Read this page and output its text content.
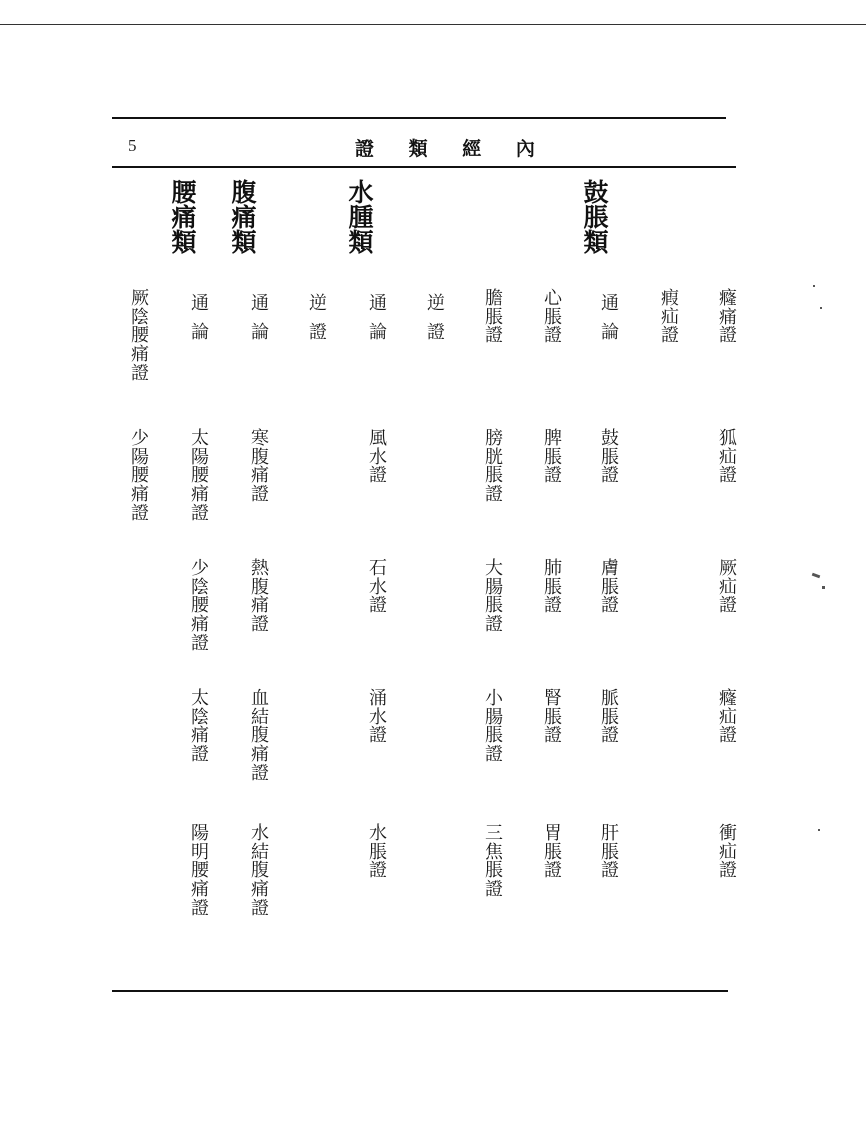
5	證 類 經 內
腰
痛
類
腹
痛
類
水
腫
類
鼓
脹
類
癃
痛
證
狐
疝
證
厥
疝
證
癃
疝
證
衝
疝
證
瘕
疝
證
通
論
鼓
脹
證
膚
脹
證
脈
脹
證
肝
脹
證
心
脹
證
脾
脹
證
肺
脹
證
腎
脹
證
胃
脹
證
膽
脹
證
膀
胱
脹
證
大
腸
脹
證
小
腸
脹
證
三
焦
脹
證
逆
證
通
論
風
水
證
石
水
證
涌
水
證
水
脹
證
逆
證
通
論
寒
腹
痛
證
熱
腹
痛
證
血
結
腹
痛
證
水
結
腹
痛
證
通
論
太
陽
腰
痛
證
少
陰
腰
痛
證
太
陰
痛
證
陽
明
腰
痛
證
厥
陰
腰
痛
證
少
陽
腰
痛
證
